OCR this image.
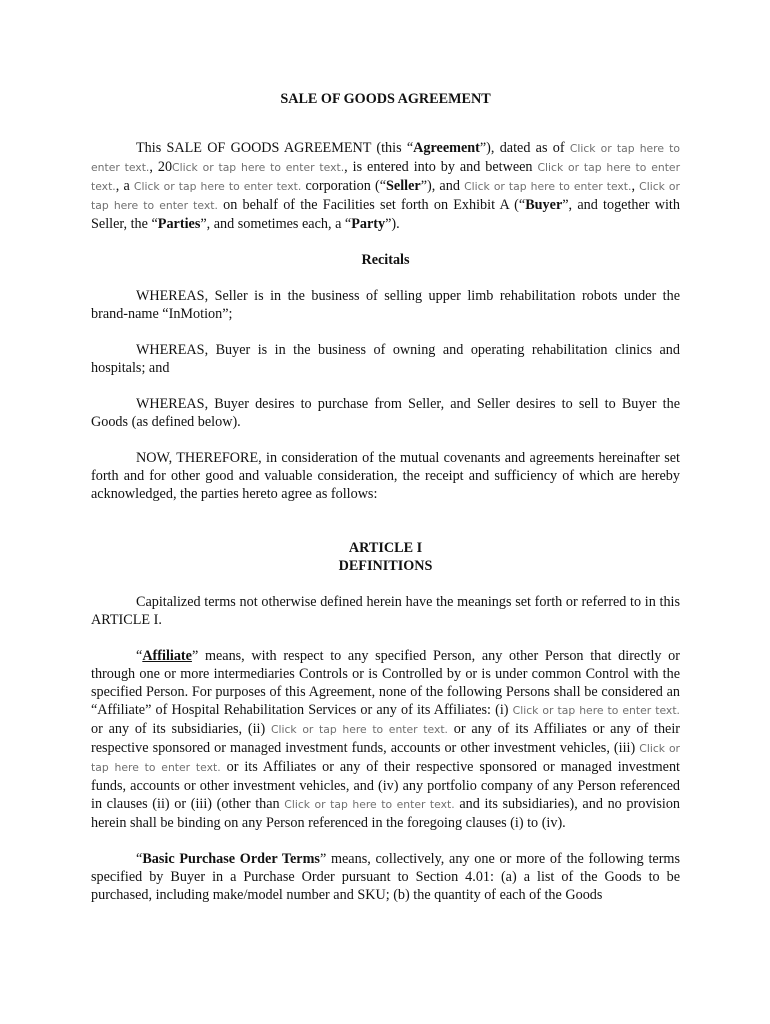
SALE OF GOODS AGREEMENT

This SALE OF GOODS AGREEMENT (this “Agreement”), dated as of Click or tap here to enter text., 20Click or tap here to enter text., is entered into by and between Click or tap here to enter text., a Click or tap here to enter text. corporation (“Seller”), and Click or tap here to enter text., Click or tap here to enter text. on behalf of the Facilities set forth on Exhibit A (“Buyer”, and together with Seller, the “Parties”, and sometimes each, a “Party”).

Recitals

WHEREAS, Seller is in the business of selling upper limb rehabilitation robots under the brand-name “InMotion”;

WHEREAS, Buyer is in the business of owning and operating rehabilitation clinics and hospitals; and

WHEREAS, Buyer desires to purchase from Seller, and Seller desires to sell to Buyer the Goods (as defined below).

NOW, THEREFORE, in consideration of the mutual covenants and agreements hereinafter set forth and for other good and valuable consideration, the receipt and sufficiency of which are hereby acknowledged, the parties hereto agree as follows:

ARTICLE I
DEFINITIONS

Capitalized terms not otherwise defined herein have the meanings set forth or referred to in this ARTICLE I.

“Affiliate” means, with respect to any specified Person, any other Person that directly or through one or more intermediaries Controls or is Controlled by or is under common Control with the specified Person. For purposes of this Agreement, none of the following Persons shall be considered an “Affiliate” of Hospital Rehabilitation Services or any of its Affiliates: (i) Click or tap here to enter text. or any of its subsidiaries, (ii) Click or tap here to enter text. or any of its Affiliates or any of their respective sponsored or managed investment funds, accounts or other investment vehicles, (iii) Click or tap here to enter text. or its Affiliates or any of their respective sponsored or managed investment funds, accounts or other investment vehicles, and (iv) any portfolio company of any Person referenced in clauses (ii) or (iii) (other than Click or tap here to enter text. and its subsidiaries), and no provision herein shall be binding on any Person referenced in the foregoing clauses (i) to (iv).

“Basic Purchase Order Terms” means, collectively, any one or more of the following terms specified by Buyer in a Purchase Order pursuant to Section 4.01: (a) a list of the Goods to be purchased, including make/model number and SKU; (b) the quantity of each of the Goods
